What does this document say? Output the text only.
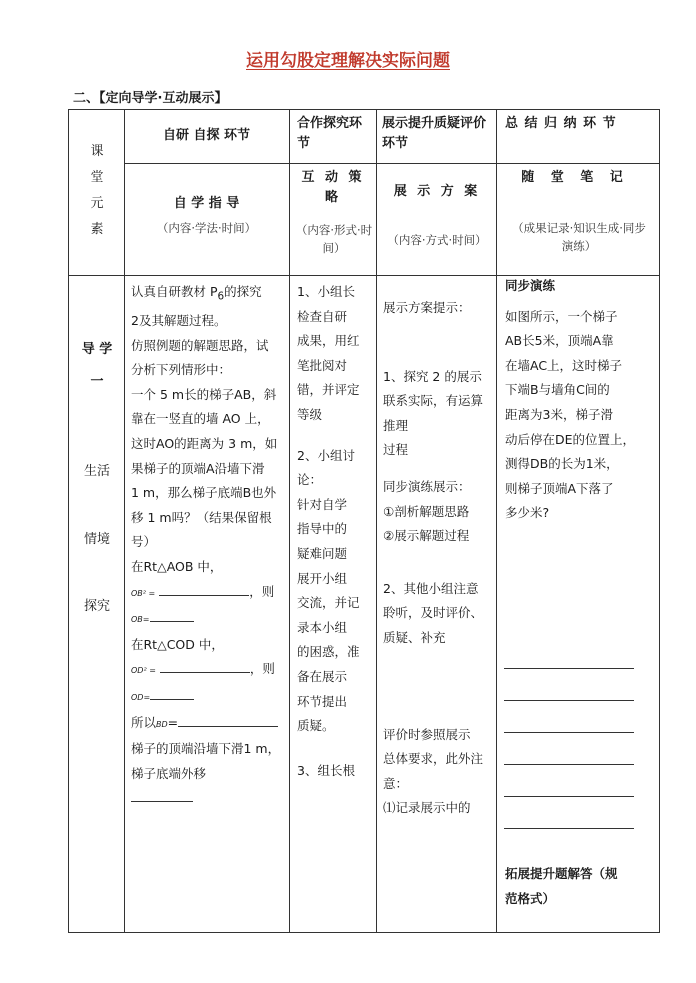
运用勾股定理解决实际问题
二、【定向导学·互动展示】
课
堂
元
素
自研 自探 环节
合作探究环节
展示提升质疑评价环节
总 结 归 纳 环 节
自 学 指 导
（内容·学法·时间）
互 动 策 略
（内容·形式·时间）
展 示 方 案
（内容·方式·时间）
随 堂 笔 记
（成果记录·知识生成·同步演练）
导 学
一
生活
情境
探究

认真自研教材 $P_6$的探究

2及其解题过程。

仿照例题的解题思路，试

分析下列情形中：

一个 5 m长的梯子AB，斜

靠在一竖直的墙 AO 上，

这时AO的距离为 3 m，如

果梯子的顶端A沿墙下滑

1 m，那么梯子底端B也外

移 1 m吗？（结果保留根

号）

在Rt△AOB 中，

OB² =	，则

OB=

在Rt△COD 中，

OD² =	，则

OD=

所以BD=

梯子的顶端沿墙下滑1 m，

梯子底端外移

1、小组长

检查自研

成果，用红

笔批阅对

错，并评定

等级

2、小组讨

论：

针对自学

指导中的

疑难问题

展开小组

交流，并记

录本小组

的困惑，准

备在展示

环节提出

质疑。

3、组长根

展示方案提示：

1、探究 2 的展示

联系实际，有运算

推理

过程

同步演练展示：

①剖析解题思路

②展示解题过程

2、其他小组注意

聆听，及时评价、

质疑、补充

评价时参照展示

总体要求，此外注

意：

⑴记录展示中的

同步演练

如图所示，一个梯子

AB长5米，顶端A靠

在墙AC上，这时梯子

下端B与墙角C间的

距离为3米，梯子滑

动后停在DE的位置上，

测得DB的长为1米，

则梯子顶端A下落了

多少米?

拓展提升题解答（规

范格式）
